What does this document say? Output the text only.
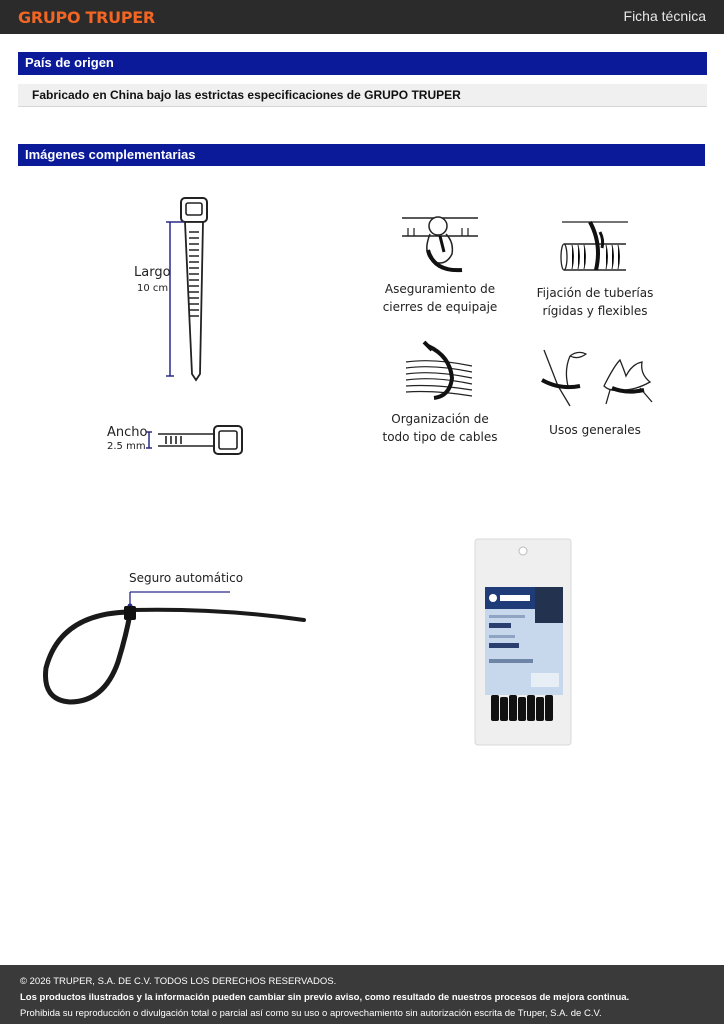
GRUPO TRUPER	Ficha técnica
País de origen
Fabricado en China bajo las estrictas especificaciones de GRUPO TRUPER
Imágenes complementarias
Largo
10 cm
Ancho
2.5 mm
Aseguramiento de
cierres de equipaje
Fijación de tuberías
rígidas y flexibles
Organización de
todo tipo de cables	Usos generales
Seguro automático
© 2026 TRUPER, S.A. DE C.V. TODOS LOS DERECHOS RESERVADOS.
Los productos ilustrados y la información pueden cambiar sin previo aviso, como resultado de nuestros procesos de mejora continua.
Prohibida su reproducción o divulgación total o parcial así como su uso o aprovechamiento sin autorización escrita de Truper, S.A. de C.V.
